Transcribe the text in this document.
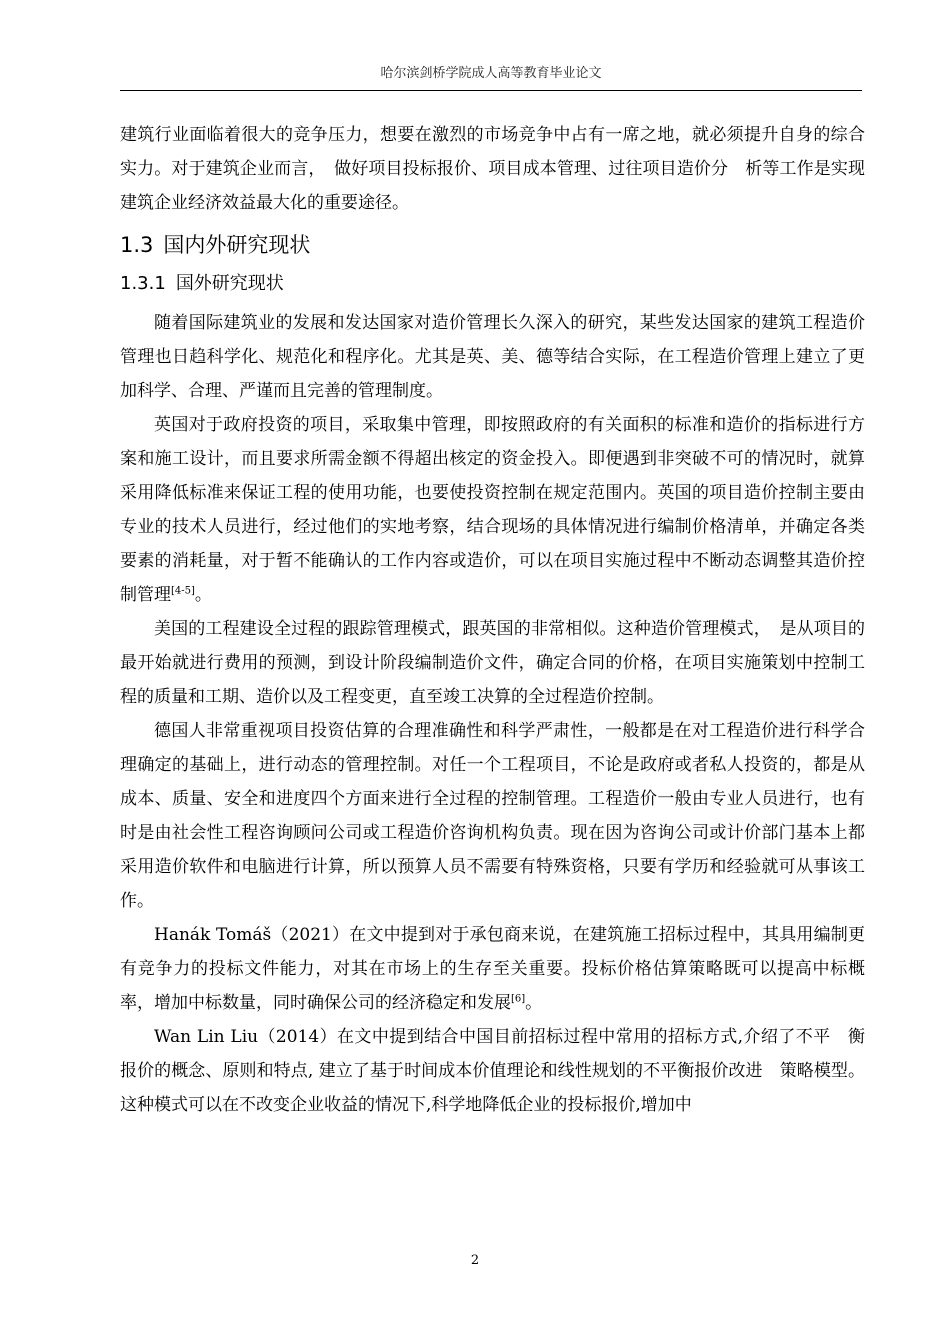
哈尔滨剑桥学院成人高等教育毕业论文

建筑行业面临着很大的竞争压力，想要在激烈的市场竞争中占有一席之地，就必须提升自身的综合实力。对于建筑企业而言，　做好项目投标报价、项目成本管理、过往项目造价分　析等工作是实现建筑企业经济效益最大化的重要途径。

1.3 国内外研究现状
1.3.1 国外研究现状

随着国际建筑业的发展和发达国家对造价管理长久深入的研究，某些发达国家的建筑工程造价管理也日趋科学化、规范化和程序化。尤其是英、美、德等结合实际，在工程造价管理上建立了更加科学、合理、严谨而且完善的管理制度。

英国对于政府投资的项目，采取集中管理，即按照政府的有关面积的标准和造价的指标进行方案和施工设计，而且要求所需金额不得超出核定的资金投入。即便遇到非突破不可的情况时，就算采用降低标准来保证工程的使用功能，也要使投资控制在规定范围内。英国的项目造价控制主要由专业的技术人员进行，经过他们的实地考察，结合现场的具体情况进行编制价格清单，并确定各类要素的消耗量，对于暂不能确认的工作内容或造价，可以在项目实施过程中不断动态调整其造价控制管理[4-5]。

美国的工程建设全过程的跟踪管理模式，跟英国的非常相似。这种造价管理模式，　是从项目的最开始就进行费用的预测，到设计阶段编制造价文件，确定合同的价格，在项目实施策划中控制工程的质量和工期、造价以及工程变更，直至竣工决算的全过程造价控制。

德国人非常重视项目投资估算的合理准确性和科学严肃性，一般都是在对工程造价进行科学合理确定的基础上，进行动态的管理控制。对任一个工程项目，不论是政府或者私人投资的，都是从成本、质量、安全和进度四个方面来进行全过程的控制管理。工程造价一般由专业人员进行，也有时是由社会性工程咨询顾问公司或工程造价咨询机构负责。现在因为咨询公司或计价部门基本上都采用造价软件和电脑进行计算，所以预算人员不需要有特殊资格，只要有学历和经验就可从事该工作。

Hanák Tomáš（2021）在文中提到对于承包商来说，在建筑施工招标过程中，其具用编制更有竞争力的投标文件能力，对其在市场上的生存至关重要。投标价格估算策略既可以提高中标概率，增加中标数量，同时确保公司的经济稳定和发展[6]。

Wan Lin Liu（2014）在文中提到结合中国目前招标过程中常用的招标方式,介绍了不平　衡报价的概念、原则和特点, 建立了基于时间成本价值理论和线性规划的不平衡报价改进　策略模型。这种模式可以在不改变企业收益的情况下,科学地降低企业的投标报价,增加中

2
